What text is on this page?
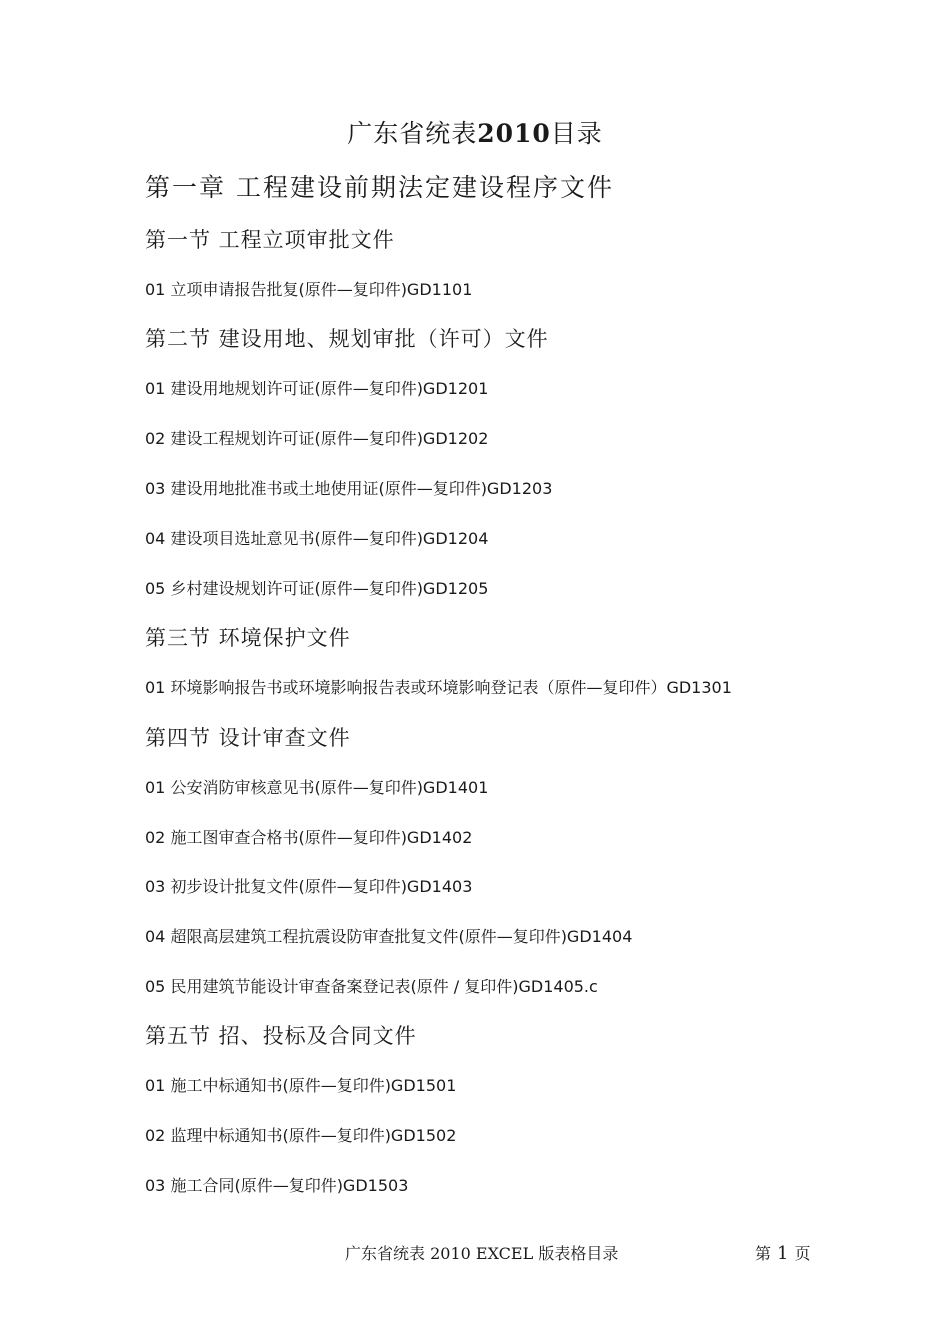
广东省统表2010目录
第一章 工程建设前期法定建设程序文件
第一节 工程立项审批文件
01 立项申请报告批复(原件—复印件)GD1101
第二节 建设用地、规划审批（许可）文件
01 建设用地规划许可证(原件—复印件)GD1201
02 建设工程规划许可证(原件—复印件)GD1202
03 建设用地批准书或土地使用证(原件—复印件)GD1203
04 建设项目选址意见书(原件—复印件)GD1204
05 乡村建设规划许可证(原件—复印件)GD1205
第三节 环境保护文件
01 环境影响报告书或环境影响报告表或环境影响登记表（原件—复印件）GD1301
第四节 设计审查文件
01 公安消防审核意见书(原件—复印件)GD1401
02 施工图审查合格书(原件—复印件)GD1402
03 初步设计批复文件(原件—复印件)GD1403
04 超限高层建筑工程抗震设防审查批复文件(原件—复印件)GD1404
05 民用建筑节能设计审查备案登记表(原件 / 复印件)GD1405.c
第五节 招、投标及合同文件
01 施工中标通知书(原件—复印件)GD1501
02 监理中标通知书(原件—复印件)GD1502
03 施工合同(原件—复印件)GD1503
广东省统表 2010 EXCEL 版表格目录	第 1 页
